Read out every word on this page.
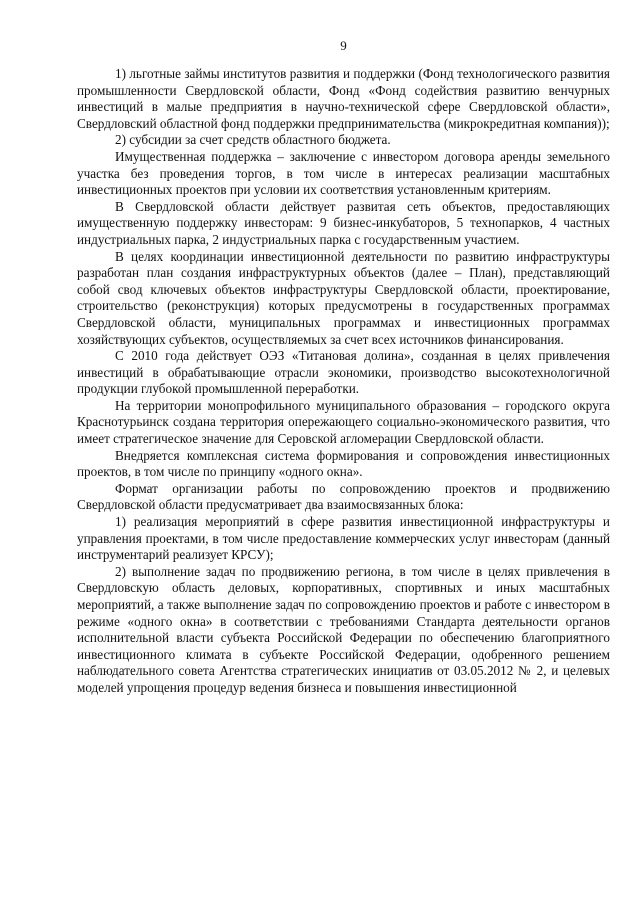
9

1) льготные займы институтов развития и поддержки (Фонд технологического развития промышленности Свердловской области, Фонд «Фонд содействия развитию венчурных инвестиций в малые предприятия в научно-технической сфере Свердловской области», Свердловский областной фонд поддержки предпринимательства (микрокредитная компания));

2) субсидии за счет средств областного бюджета.

Имущественная поддержка – заключение с инвестором договора аренды земельного участка без проведения торгов, в том числе в интересах реализации масштабных инвестиционных проектов при условии их соответствия установленным критериям.

В Свердловской области действует развитая сеть объектов, предоставляющих имущественную поддержку инвесторам: 9 бизнес-инкубаторов, 5 технопарков, 4 частных индустриальных парка, 2 индустриальных парка с государственным участием.

В целях координации инвестиционной деятельности по развитию инфраструктуры разработан план создания инфраструктурных объектов (далее – План), представляющий собой свод ключевых объектов инфраструктуры Свердловской области, проектирование, строительство (реконструкция) которых предусмотрены в государственных программах Свердловской области, муниципальных программах и инвестиционных программах хозяйствующих субъектов, осуществляемых за счет всех источников финансирования.

С 2010 года действует ОЭЗ «Титановая долина», созданная в целях привлечения инвестиций в обрабатывающие отрасли экономики, производство высокотехнологичной продукции глубокой промышленной переработки.

На территории монопрофильного муниципального образования – городского округа Краснотурьинск создана территория опережающего социально-экономического развития, что имеет стратегическое значение для Серовской агломерации Свердловской области.

Внедряется комплексная система формирования и сопровождения инвестиционных проектов, в том числе по принципу «одного окна».

Формат организации работы по сопровождению проектов и продвижению Свердловской области предусматривает два взаимосвязанных блока:

1) реализация мероприятий в сфере развития инвестиционной инфраструктуры и управления проектами, в том числе предоставление коммерческих услуг инвесторам (данный инструментарий реализует КРСУ);

2) выполнение задач по продвижению региона, в том числе в целях привлечения в Свердловскую область деловых, корпоративных, спортивных и иных масштабных мероприятий, а также выполнение задач по сопровождению проектов и работе с инвестором в режиме «одного окна» в соответствии с требованиями Стандарта деятельности органов исполнительной власти субъекта Российской Федерации по обеспечению благоприятного инвестиционного климата в субъекте Российской Федерации, одобренного решением наблюдательного совета Агентства стратегических инициатив от 03.05.2012 № 2, и целевых моделей упрощения процедур ведения бизнеса и повышения инвестиционной
